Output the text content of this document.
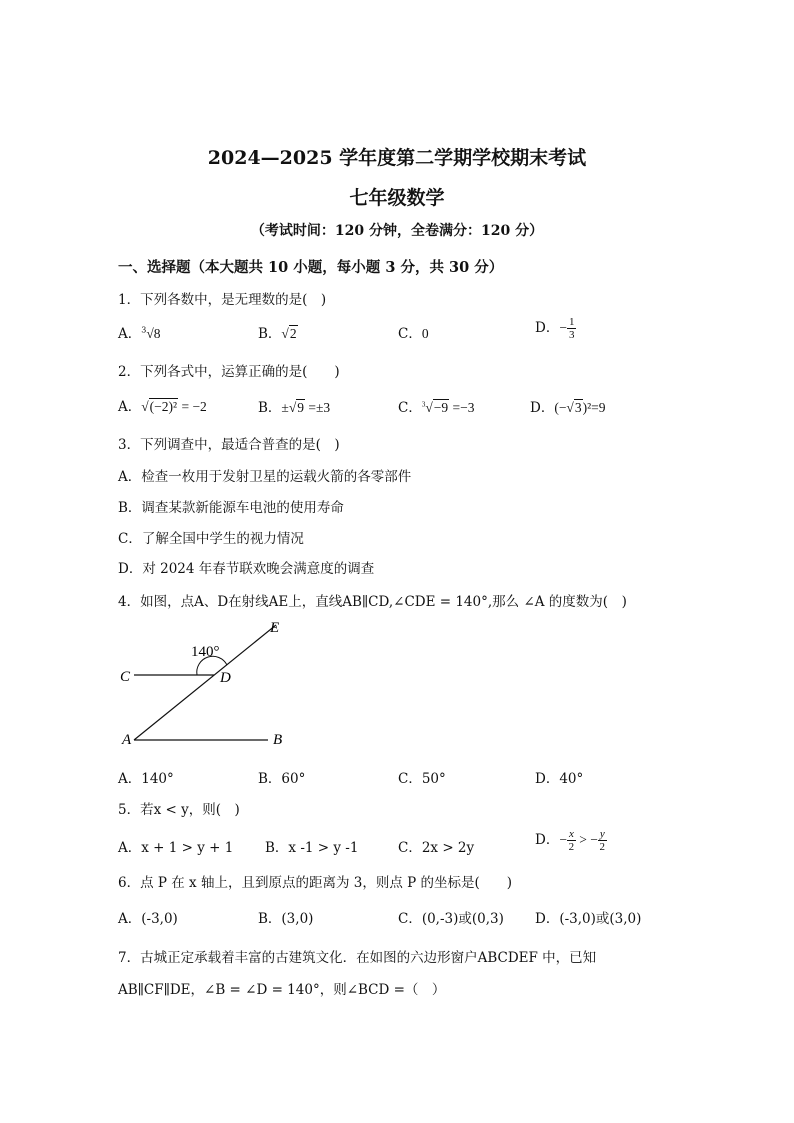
2024—2025 学年度第二学期学校期末考试
七年级数学
（考试时间：120 分钟，全卷满分：120 分）
一、选择题（本大题共 10 小题，每小题 3 分，共 30 分）
1．下列各数中，是无理数的是(　)
A．$^3$√8	B．√2	C．0	D．− $\frac{1}{3}$
2．下列各式中，运算正确的是(　　)
A．√(−2)² = −2	B．±√9 =±3	C．$^3$√−9 =−3	D．(−√3)²=9
3．下列调查中，最适合普查的是(　)
A．检查一枚用于发射卫星的运载火箭的各零部件
B．调查某款新能源车电池的使用寿命
C．了解全国中学生的视力情况
D．对 2024 年春节联欢晚会满意度的调查
4．如图，点A、D在射线AE上，直线AB∥CD,∠CDE = 140°,那么 ∠A 的度数为(　)
140°
C	D
E
A	B
A．140°	B．60°	C．50°	D．40°
5．若x < y，则(　)
A．x + 1 > y + 1 B．x -1 > y -1	C．2x > 2y	D．− $\frac{x}{2}$ > − $\frac{y}{2}$
6．点 P 在 x 轴上，且到原点的距离为 3，则点 P 的坐标是(　　)
A．(-3,0)	B．(3,0)	C．(0,-3)或(0,3) D．(-3,0)或(3,0)
7．古城正定承载着丰富的古建筑文化．在如图的六边形窗户ABCDEF 中，已知
AB∥CF∥DE，∠B = ∠D = 140°，则∠BCD =（　）
